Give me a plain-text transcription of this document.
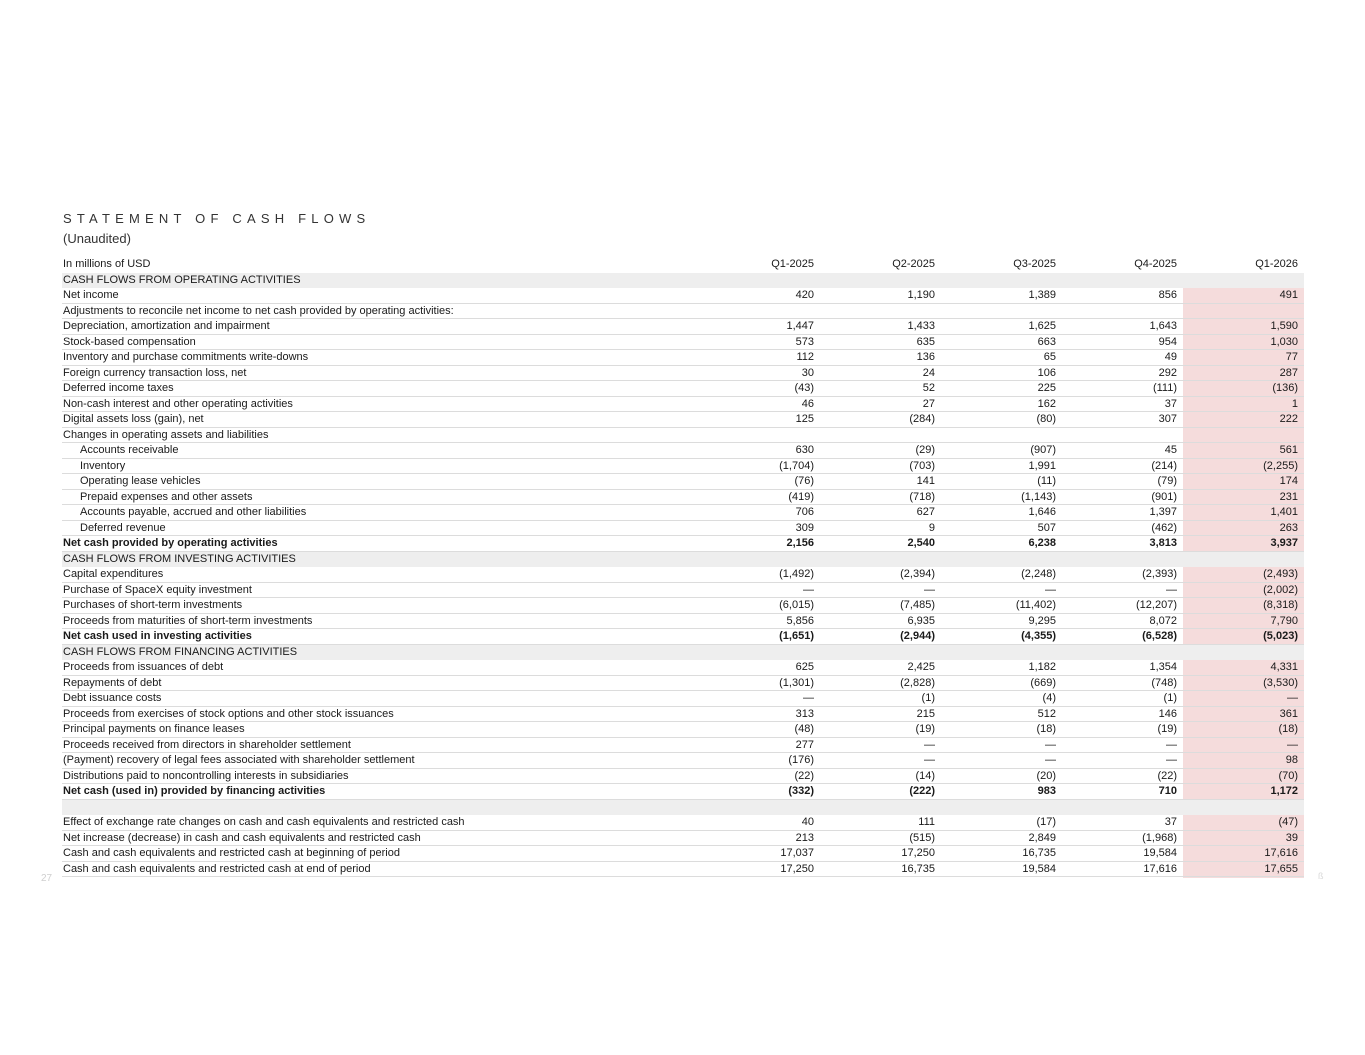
STATEMENT OF CASH FLOWS
(Unaudited)
In millions of USD	Q1-2025	Q2-2025	Q3-2025	Q4-2025	Q1-2026
CASH FLOWS FROM OPERATING ACTIVITIES
Net income	420	1,190	1,389	856	491
Adjustments to reconcile net income to net cash provided by operating activities:
Depreciation, amortization and impairment	1,447	1,433	1,625	1,643	1,590
Stock-based compensation	573	635	663	954	1,030
Inventory and purchase commitments write-downs	112	136	65	49	77
Foreign currency transaction loss, net	30	24	106	292	287
Deferred income taxes	(43)	52	225	(111)	(136)
Non-cash interest and other operating activities	46	27	162	37	1
Digital assets loss (gain), net	125	(284)	(80)	307	222
Changes in operating assets and liabilities
Accounts receivable	630	(29)	(907)	45	561
Inventory	(1,704)	(703)	1,991	(214)	(2,255)
Operating lease vehicles	(76)	141	(11)	(79)	174
Prepaid expenses and other assets	(419)	(718)	(1,143)	(901)	231
Accounts payable, accrued and other liabilities	706	627	1,646	1,397	1,401
Deferred revenue	309	9	507	(462)	263
Net cash provided by operating activities	2,156	2,540	6,238	3,813	3,937
CASH FLOWS FROM INVESTING ACTIVITIES
Capital expenditures	(1,492)	(2,394)	(2,248)	(2,393)	(2,493)
Purchase of SpaceX equity investment	—	—	—	—	(2,002)
Purchases of short-term investments	(6,015)	(7,485)	(11,402)	(12,207)	(8,318)
Proceeds from maturities of short-term investments	5,856	6,935	9,295	8,072	7,790
Net cash used in investing activities	(1,651)	(2,944)	(4,355)	(6,528)	(5,023)
CASH FLOWS FROM FINANCING ACTIVITIES
Proceeds from issuances of debt	625	2,425	1,182	1,354	4,331
Repayments of debt	(1,301)	(2,828)	(669)	(748)	(3,530)
Debt issuance costs	—	(1)	(4)	(1)	—
Proceeds from exercises of stock options and other stock issuances	313	215	512	146	361
Principal payments on finance leases	(48)	(19)	(18)	(19)	(18)
Proceeds received from directors in shareholder settlement	277	—	—	—	—
(Payment) recovery of legal fees associated with shareholder settlement	(176)	—	—	—	98
Distributions paid to noncontrolling interests in subsidiaries	(22)	(14)	(20)	(22)	(70)
Net cash (used in) provided by financing activities	(332)	(222)	983	710	1,172
Effect of exchange rate changes on cash and cash equivalents and restricted cash	40	111	(17)	37	(47)
Net increase (decrease) in cash and cash equivalents and restricted cash	213	(515)	2,849	(1,968)	39
Cash and cash equivalents and restricted cash at beginning of period	17,037	17,250	16,735	19,584	17,616
Cash and cash equivalents and restricted cash at end of period	17,250	16,735	19,584	17,616	17,655
27	ß
